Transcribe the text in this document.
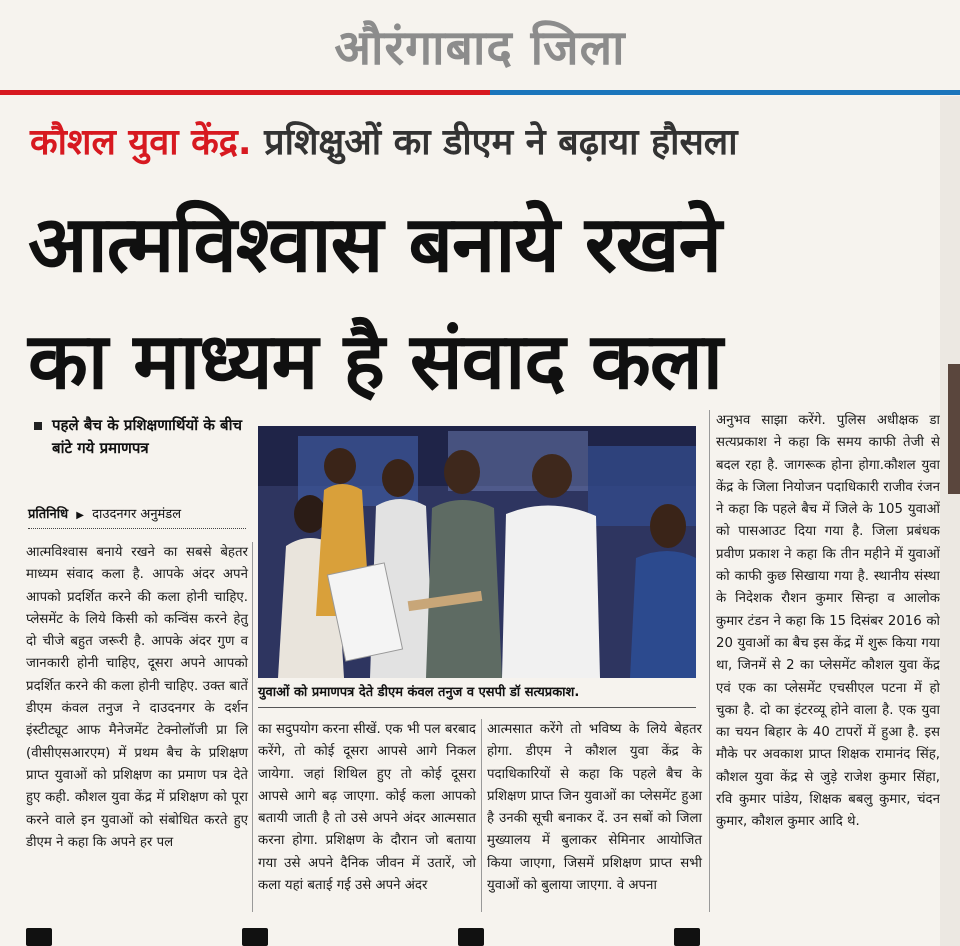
औरंगाबाद जिला
कौशल युवा केंद्र. प्रशिक्षुओं का डीएम ने बढ़ाया हौसला
आत्मविश्वास बनाये रखने
का माध्यम है संवाद कला
पहले बैच के प्रशिक्षणार्थियों के बीच
बांटे गये प्रमाणपत्र
प्रतिनिधि ▶ दाउदनगर अनुमंडल
आत्मविश्वास बनाये रखने का सबसे बेहतर माध्यम संवाद कला है. आपके अंदर अपने आपको प्रदर्शित करने की कला होनी चाहिए. प्लेसमेंट के लिये किसी को कन्विंस करने हेतु दो चीजे बहुत जरूरी है. आपके अंदर गुण व जानकारी होनी चाहिए, दूसरा अपने आपको प्रदर्शित करने की कला होनी चाहिए. उक्त बातें डीएम कंवल तनुज ने दाउदनगर के दर्शन इंस्टीट्यूट आफ मैनेजमेंट टेक्नोलॉजी प्रा लि (वीसीएसआरएम) में प्रथम बैच के प्रशिक्षण प्राप्त युवाओं को प्रशिक्षण का प्रमाण पत्र देते हुए कही. कौशल युवा केंद्र में प्रशिक्षण को पूरा करने वाले इन युवाओं को संबोधित करते हुए डीएम ने कहा कि अपने हर पल
युवाओं को प्रमाणपत्र देते डीएम कंवल तनुज व एसपी डॉ सत्यप्रकाश.
का सदुपयोग करना सीखें. एक भी पल बरबाद करेंगे, तो कोई दूसरा आपसे आगे निकल जायेगा. जहां शिथिल हुए तो कोई दूसरा आपसे आगे बढ़ जाएगा. कोई कला आपको बतायी जाती है तो उसे अपने अंदर आत्मसात करना होगा. प्रशिक्षण के दौरान जो बताया गया उसे अपने दैनिक जीवन में उतारें, जो कला यहां बताई गई उसे अपने अंदर
आत्मसात करेंगे तो भविष्य के लिये बेहतर होगा. डीएम ने कौशल युवा केंद्र के पदाधिकारियों से कहा कि पहले बैच के प्रशिक्षण प्राप्त जिन युवाओं का प्लेसमेंट हुआ है उनकी सूची बनाकर दें. उन सबों को जिला मुख्यालय में बुलाकर सेमिनार आयोजित किया जाएगा, जिसमें प्रशिक्षण प्राप्त सभी युवाओं को बुलाया जाएगा. वे अपना
अनुभव साझा करेंगे. पुलिस अधीक्षक डा सत्यप्रकाश ने कहा कि समय काफी तेजी से बदल रहा है. जागरूक होना होगा.कौशल युवा केंद्र के जिला नियोजन पदाधिकारी राजीव रंजन ने कहा कि पहले बैच में जिले के 105 युवाओं को पासआउट दिया गया है. जिला प्रबंधक प्रवीण प्रकाश ने कहा कि तीन महीने में युवाओं को काफी कुछ सिखाया गया है. स्थानीय संस्था के निदेशक रौशन कुमार सिन्हा व आलोक कुमार टंडन ने कहा कि 15 दिसंबर 2016 को 20 युवाओं का बैच इस केंद्र में शुरू किया गया था, जिनमें से 2 का प्लेसमेंट कौशल युवा केंद्र एवं एक का प्लेसमेंट एचसीएल पटना में हो चुका है. दो का इंटरव्यू होने वाला है. एक युवा का चयन बिहार के 40 टापरों में हुआ है. इस मौके पर अवकाश प्राप्त शिक्षक रामानंद सिंह, कौशल युवा केंद्र से जुड़े राजेश कुमार सिंहा, रवि कुमार पांडेय, शिक्षक बबलु कुमार, चंदन कुमार, कौशल कुमार आदि थे.
